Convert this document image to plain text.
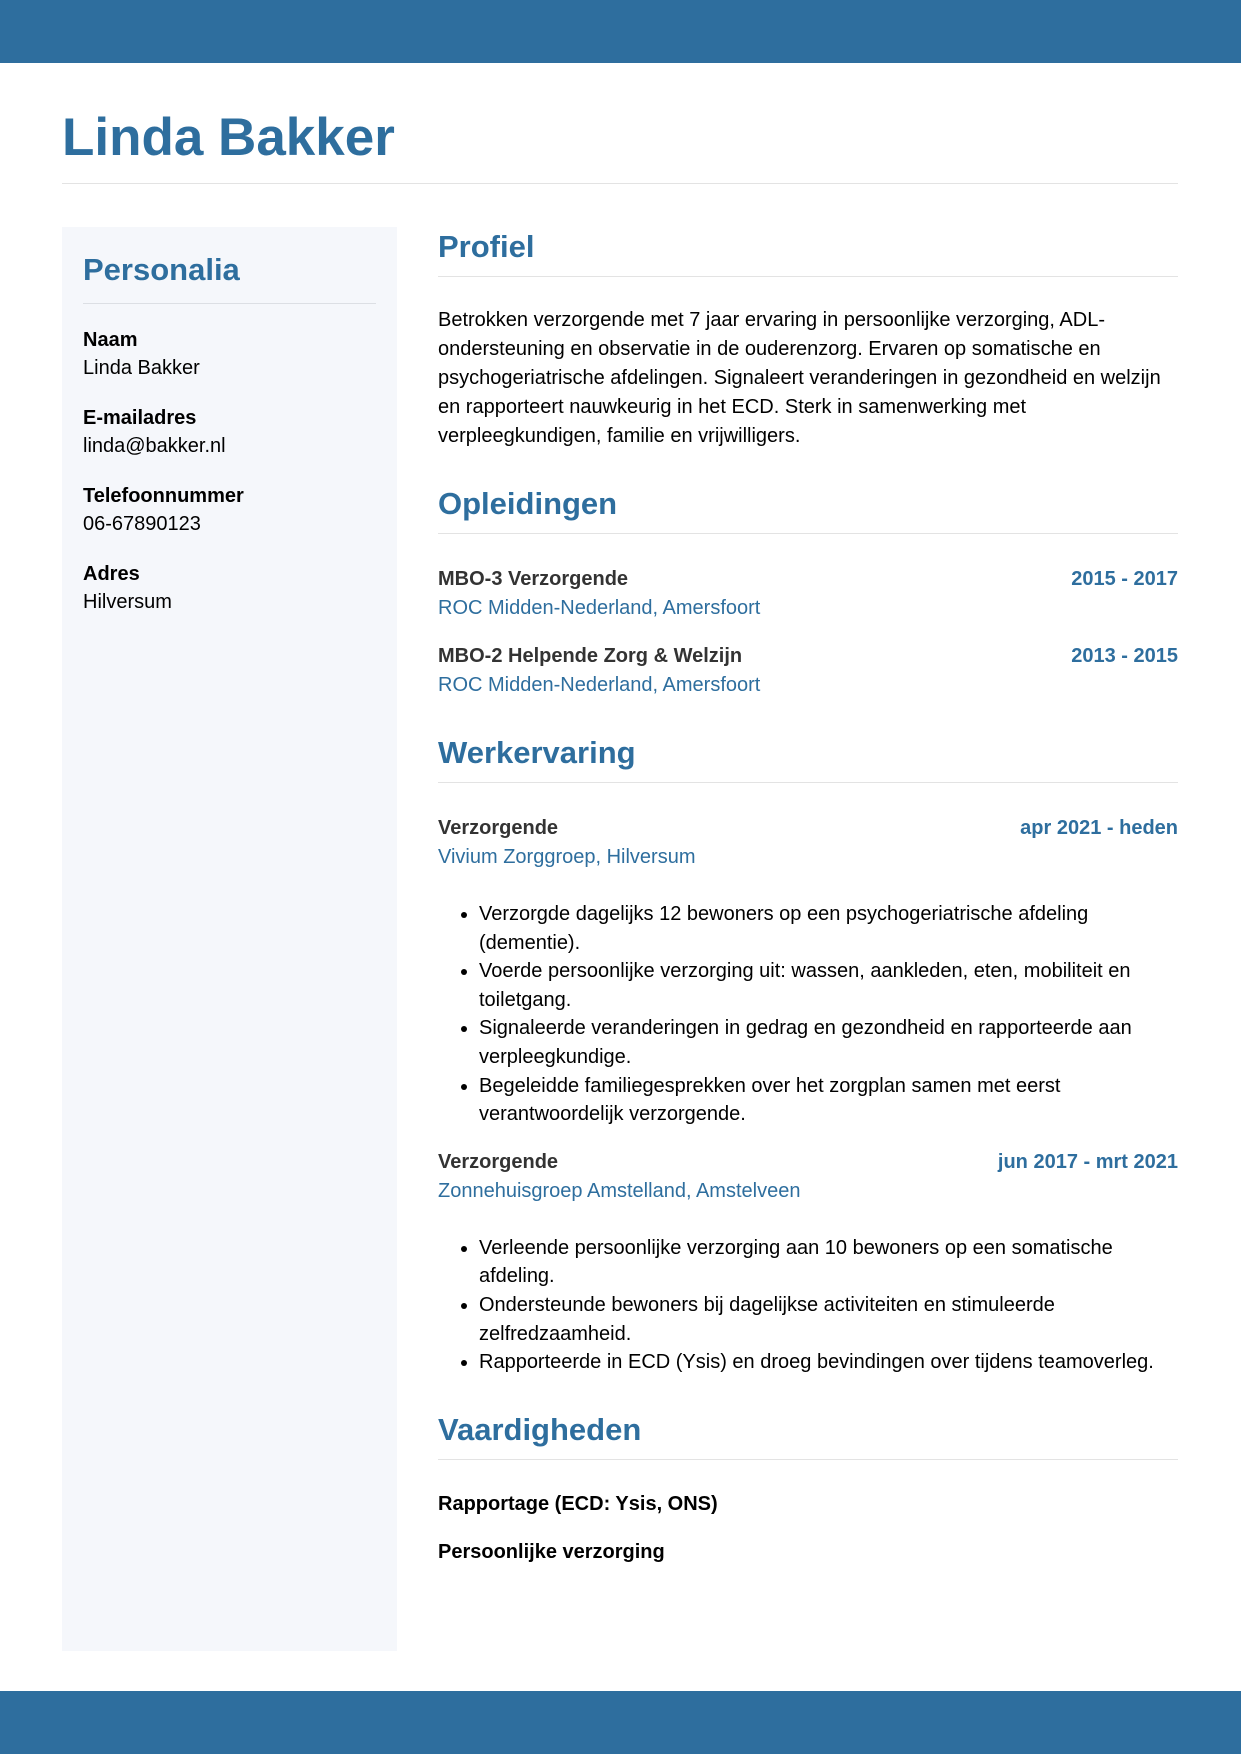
Linda Bakker
Personalia
Naam
Linda Bakker
E-mailadres
linda@bakker.nl
Telefoonnummer
06-67890123
Adres
Hilversum
Profiel

Betrokken verzorgende met 7 jaar ervaring in persoonlijke verzorging, ADL-ondersteuning en observatie in de ouderenzorg. Ervaren op somatische en psychogeriatrische afdelingen. Signaleert veranderingen in gezondheid en welzijn en rapporteert nauwkeurig in het ECD. Sterk in samenwerking met verpleegkundigen, familie en vrijwilligers.

Opleidingen
MBO-3 Verzorgende	2015 - 2017
ROC Midden-Nederland, Amersfoort
MBO-2 Helpende Zorg & Welzijn	2013 - 2015
ROC Midden-Nederland, Amersfoort
Werkervaring
Verzorgende	apr 2021 - heden
Vivium Zorggroep, Hilversum
• Verzorgde dagelijks 12 bewoners op een psychogeriatrische afdeling (dementie).
• Voerde persoonlijke verzorging uit: wassen, aankleden, eten, mobiliteit en toiletgang.
• Signaleerde veranderingen in gedrag en gezondheid en rapporteerde aan verpleegkundige.
• Begeleidde familiegesprekken over het zorgplan samen met eerst verantwoordelijk verzorgende.
Verzorgende	jun 2017 - mrt 2021
Zonnehuisgroep Amstelland, Amstelveen
• Verleende persoonlijke verzorging aan 10 bewoners op een somatische afdeling.
• Ondersteunde bewoners bij dagelijkse activiteiten en stimuleerde zelfredzaamheid.
• Rapporteerde in ECD (Ysis) en droeg bevindingen over tijdens teamoverleg.
Vaardigheden
Rapportage (ECD: Ysis, ONS)
Persoonlijke verzorging
